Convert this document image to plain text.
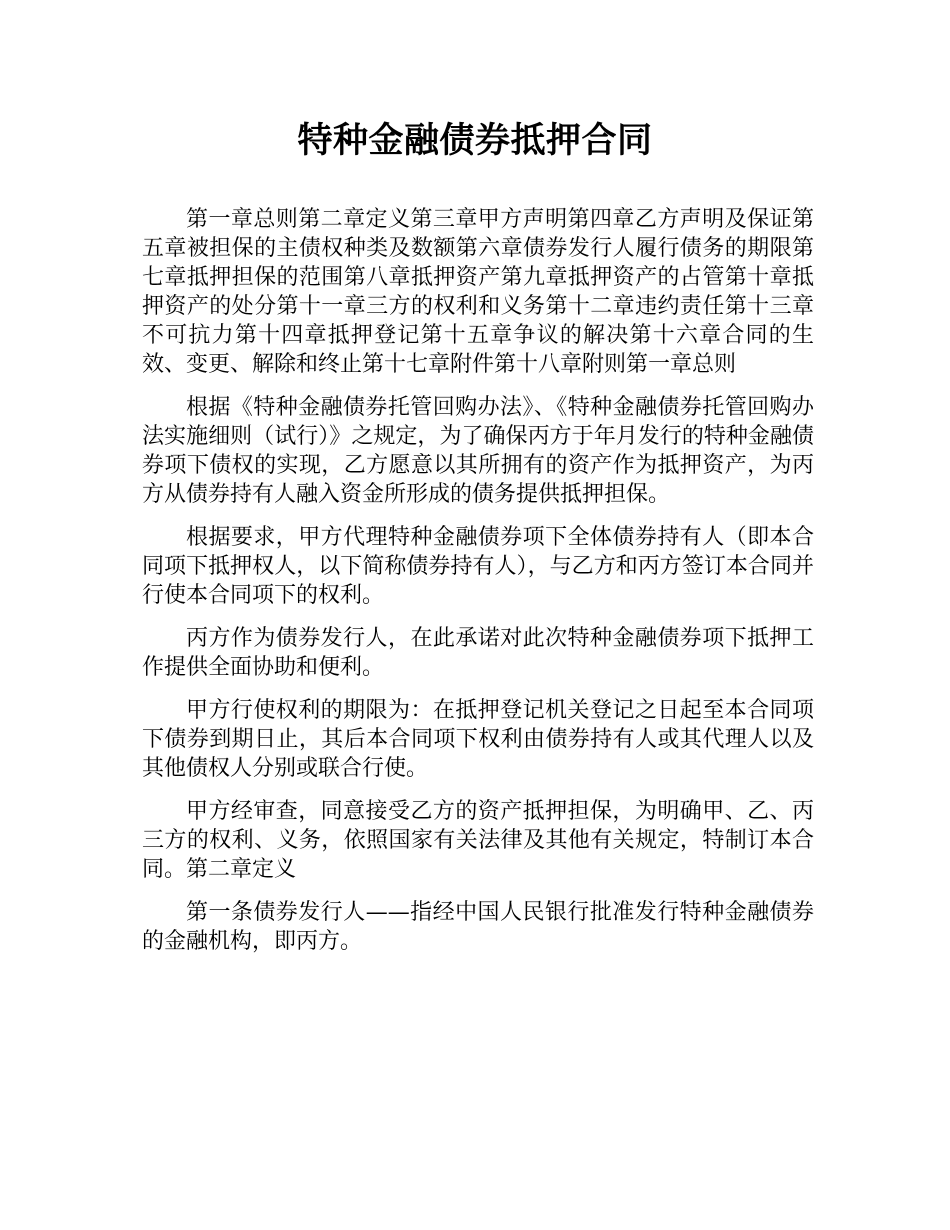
特种金融债券抵押合同

第一章总则第二章定义第三章甲方声明第四章乙方声明及保证第五章被担保的主债权种类及数额第六章债券发行人履行债务的期限第七章抵押担保的范围第八章抵押资产第九章抵押资产的占管第十章抵押资产的处分第十一章三方的权利和义务第十二章违约责任第十三章不可抗力第十四章抵押登记第十五章争议的解决第十六章合同的生效、变更、解除和终止第十七章附件第十八章附则第一章总则

根据《特种金融债券托管回购办法》、《特种金融债券托管回购办法实施细则（试行）》之规定，为了确保丙方于年月发行的特种金融债券项下债权的实现，乙方愿意以其所拥有的资产作为抵押资产，为丙方从债券持有人融入资金所形成的债务提供抵押担保。

根据要求，甲方代理特种金融债券项下全体债券持有人（即本合同项下抵押权人，以下简称债券持有人），与乙方和丙方签订本合同并行使本合同项下的权利。

丙方作为债券发行人，在此承诺对此次特种金融债券项下抵押工作提供全面协助和便利。

甲方行使权利的期限为：在抵押登记机关登记之日起至本合同项下债券到期日止，其后本合同项下权利由债券持有人或其代理人以及其他债权人分别或联合行使。

甲方经审查，同意接受乙方的资产抵押担保，为明确甲、乙、丙三方的权利、义务，依照国家有关法律及其他有关规定，特制订本合同。第二章定义

第一条债券发行人——指经中国人民银行批准发行特种金融债券的金融机构，即丙方。
